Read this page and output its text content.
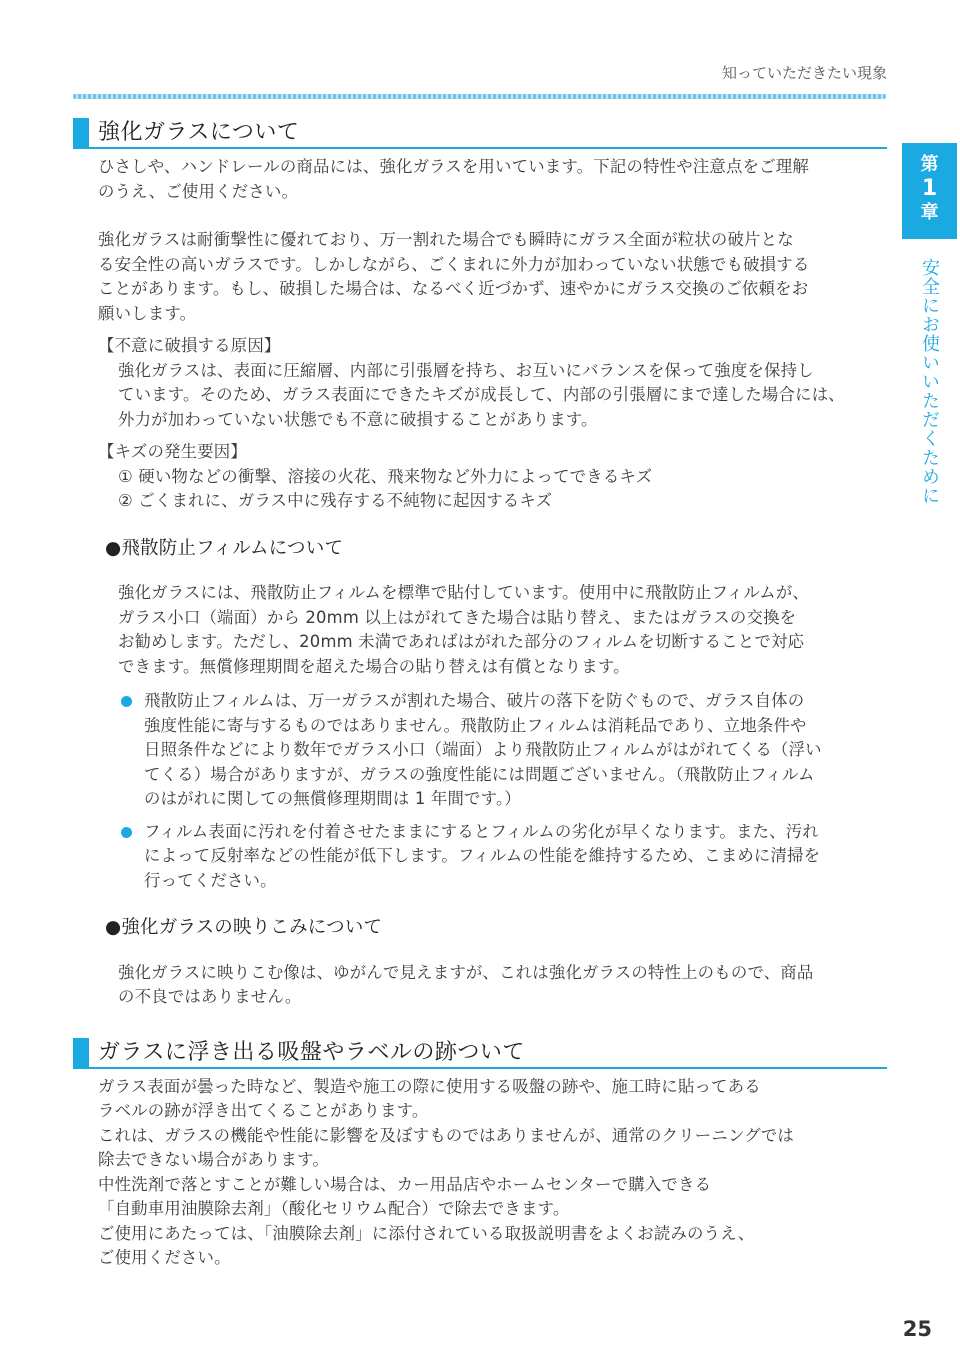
知っていただきたい現象
第
1
章
安全にお使いいただくために
強化ガラスについて
ひさしや、ハンドレールの商品には、強化ガラスを用いています。下記の特性や注意点をご理解
のうえ、ご使用ください。
強化ガラスは耐衝撃性に優れており、万一割れた場合でも瞬時にガラス全面が粒状の破片とな
る安全性の高いガラスです。しかしながら、ごくまれに外力が加わっていない状態でも破損する
ことがあります。もし、破損した場合は、なるべく近づかず、速やかにガラス交換のご依頼をお
願いします。
【不意に破損する原因】
強化ガラスは、表面に圧縮層、内部に引張層を持ち、お互いにバランスを保って強度を保持し
ています。そのため、ガラス表面にできたキズが成長して、内部の引張層にまで達した場合には、
外力が加わっていない状態でも不意に破損することがあります。
【キズの発生要因】
① 硬い物などの衝撃、溶接の火花、飛来物など外力によってできるキズ
② ごくまれに、ガラス中に残存する不純物に起因するキズ
●飛散防止フィルムについて
強化ガラスには、飛散防止フィルムを標準で貼付しています。使用中に飛散防止フィルムが、
ガラス小口（端面）から 20mm 以上はがれてきた場合は貼り替え、またはガラスの交換を
お勧めします。ただし、20mm 未満であればはがれた部分のフィルムを切断することで対応
できます。無償修理期間を超えた場合の貼り替えは有償となります。
飛散防止フィルムは、万一ガラスが割れた場合、破片の落下を防ぐもので、ガラス自体の
強度性能に寄与するものではありません。飛散防止フィルムは消耗品であり、立地条件や
日照条件などにより数年でガラス小口（端面）より飛散防止フィルムがはがれてくる（浮い
てくる）場合がありますが、ガラスの強度性能には問題ございません。（飛散防止フィルム
のはがれに関しての無償修理期間は 1 年間です。）
フィルム表面に汚れを付着させたままにするとフィルムの劣化が早くなります。また、汚れ
によって反射率などの性能が低下します。フィルムの性能を維持するため、こまめに清掃を
行ってください。
●強化ガラスの映りこみについて
強化ガラスに映りこむ像は、ゆがんで見えますが、これは強化ガラスの特性上のもので、商品
の不良ではありません。
ガラスに浮き出る吸盤やラベルの跡ついて
ガラス表面が曇った時など、製造や施工の際に使用する吸盤の跡や、施工時に貼ってある
ラベルの跡が浮き出てくることがあります。
これは、ガラスの機能や性能に影響を及ぼすものではありませんが、通常のクリーニングでは
除去できない場合があります。
中性洗剤で落とすことが難しい場合は、カー用品店やホームセンターで購入できる
「自動車用油膜除去剤」（酸化セリウム配合）で除去できます。
ご使用にあたっては、「油膜除去剤」に添付されている取扱説明書をよくお読みのうえ、
ご使用ください。
25
